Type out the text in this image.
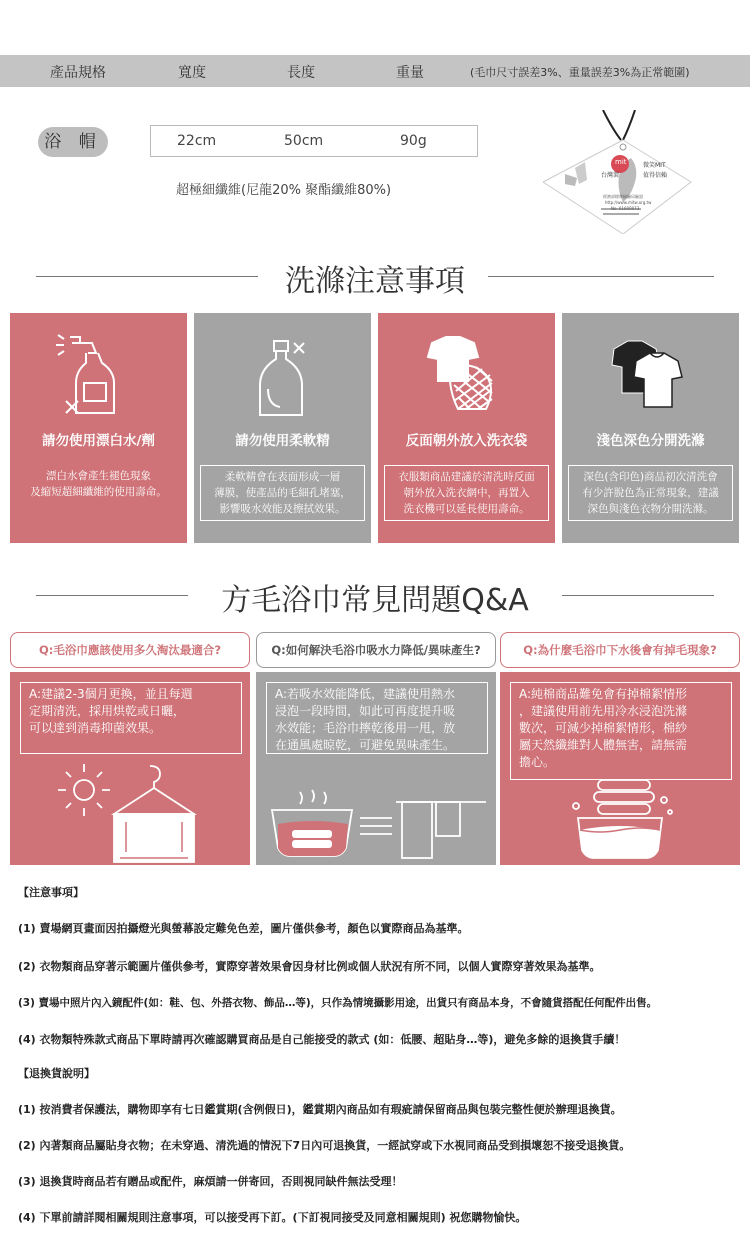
產品規格	寬度	長度	重量	(毛巾尺寸誤差3%、重量誤差3%為正常範圍)
浴 帽	22cm	50cm	90g
超極細纖維(尼龍20% 聚酯纖維80%)
mit
台灣製
微笑MIT
值得信賴
經濟部標準檢驗局驗證
http://www.mitw.org.tw
No. 01600073
洗滌注意事項
請勿使用漂白水/劑
漂白水會產生褪色現象
及縮短超細纖維的使用壽命。
請勿使用柔軟精
柔軟精會在表面形成一層
薄膜，使產品的毛細孔堵塞，
影響吸水效能及擦拭效果。
反面朝外放入洗衣袋
衣服類商品建議於清洗時反面
朝外放入洗衣網中，再置入
洗衣機可以延長使用壽命。
淺色深色分開洗滌
深色(含印色)商品初次清洗會
有少許脫色為正常現象，建議
深色與淺色衣物分開洗滌。
方毛浴巾常見問題Q&A
Q:毛浴巾應該使用多久淘汰最適合?
A:建議2-3個月更換，並且每週
定期清洗，採用烘乾或日曬，
可以達到消毒抑菌效果。
Q:如何解決毛浴巾吸水力降低/異味產生?
A:若吸水效能降低，建議使用熱水
浸泡一段時間，如此可再度提升吸
水效能；毛浴巾擰乾後用一甩，放
在通風處晾乾，可避免異味產生。
Q:為什麼毛浴巾下水後會有掉毛現象?
A:純棉商品難免會有掉棉絮情形
，建議使用前先用冷水浸泡洗滌
數次，可減少掉棉絮情形，棉紗
屬天然纖維對人體無害，請無需
擔心。
【注意事項】
(1) 賣場網頁畫面因拍攝燈光與螢幕設定難免色差，圖片僅供參考，顏色以實際商品為基準。
(2) 衣物類商品穿著示範圖片僅供參考，實際穿著效果會因身材比例或個人狀況有所不同，以個人實際穿著效果為基準。
(3) 賣場中照片內入鏡配件(如：鞋、包、外搭衣物、飾品…等)，只作為情境攝影用途，出貨只有商品本身，不會隨貨搭配任何配件出售。
(4) 衣物類特殊款式商品下單時請再次確認購買商品是自己能接受的款式 (如：低腰、超貼身…等)，避免多餘的退換貨手續！
【退換貨說明】
(1) 按消費者保護法，購物即享有七日鑑賞期(含例假日)，鑑賞期內商品如有瑕疵請保留商品與包裝完整性便於辦理退換貨。
(2) 內著類商品屬貼身衣物；在未穿過、清洗過的情況下7日內可退換貨，一經試穿或下水視同商品受到損壞恕不接受退換貨。
(3) 退換貨時商品若有贈品或配件，麻煩請一併寄回，否則視同缺件無法受理！
(4) 下單前請詳閱相關規則注意事項，可以接受再下訂。(下訂視同接受及同意相關規則) 祝您購物愉快。
